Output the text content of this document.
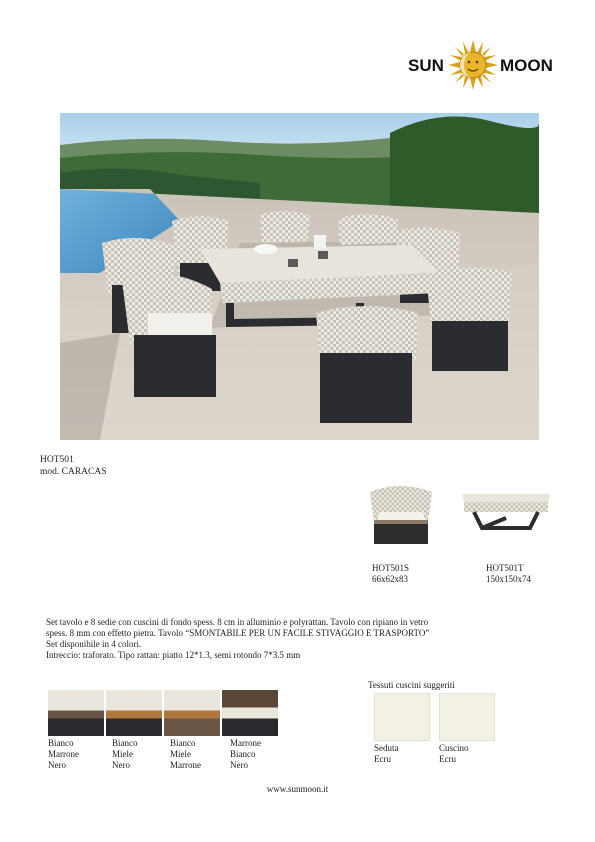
SUN	MOON
HOT501
mod. CARACAS
HOT501S
66x62x83
HOT501T
150x150x74
Set tavolo e 8 sedie con cuscini di fondo spess. 8 cm in alluminio e polyrattan. Tavolo con ripiano in vetro
spess. 8 mm con effetto pietra. Tavolo “SMONTABILE PER UN FACILE STIVAGGIO E TRASPORTO”
Set disponibile in 4 colori.
Intreccio: traforato. Tipo rattan: piatto 12*1.3, semi rotondo 7*3.5 mm
Bianco
Marrone
Nero
Bianco
Miele
Nero
Bianco
Miele
Marrone
Marrone
Bianco
Nero
Tessuti cuscini suggeriti
Seduta
Ecru
Cuscino
Ecru
www.sunmoon.it
